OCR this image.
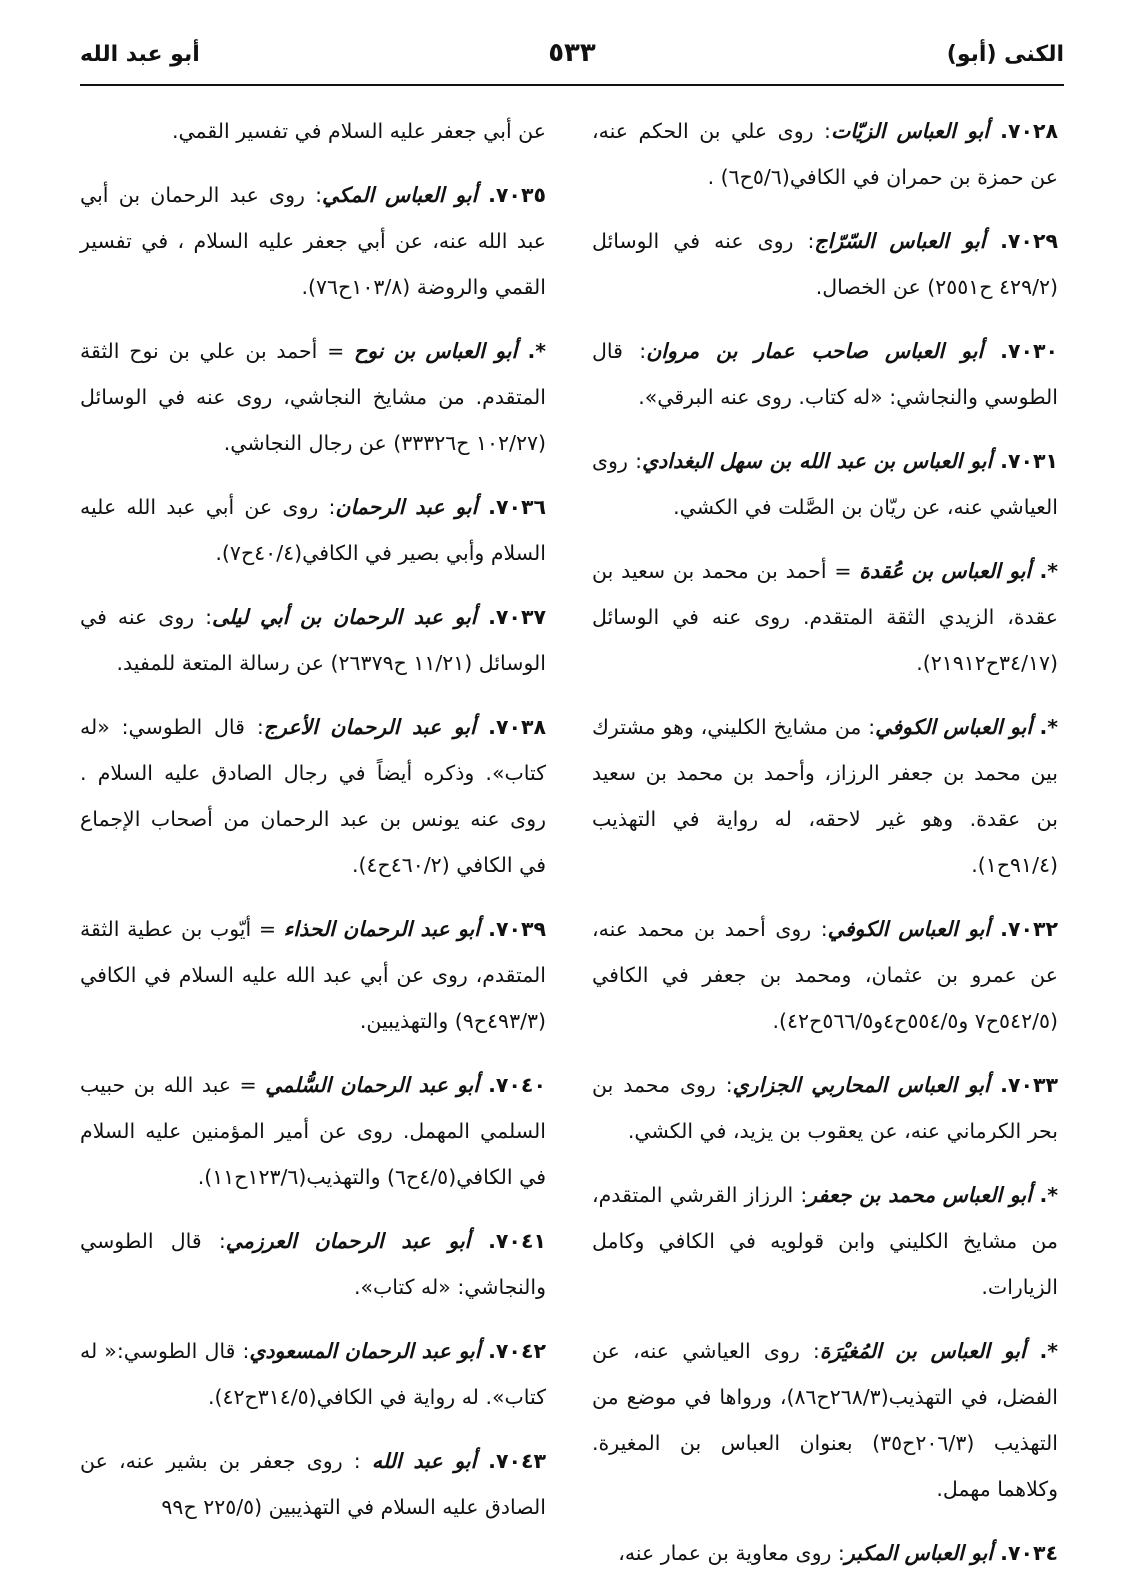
الكنى (أبو)
٥٣٣
أبو عبد الله

٧٠٢٨. أبو العباس الزيّات: روى علي بن الحكم عنه، عن حمزة بن حمران في الكافي(٥/٦ح٦) .

٧٠٢٩. أبو العباس السّرّاج: روى عنه في الوسائل (٤٢٩/٢ ح٢٥٥١) عن الخصال.

٧٠٣٠. أبو العباس صاحب عمار بن مروان: قال الطوسي والنجاشي: «له كتاب. روى عنه البرقي».

٧٠٣١. أبو العباس بن عبد الله بن سهل البغدادي: روى العياشي عنه، عن ريّان بن الصَّلت في الكشي.

*. أبو العباس بن عُقدة = أحمد بن محمد بن سعيد بن عقدة، الزيدي الثقة المتقدم. روى عنه في الوسائل (٣٤/١٧ح٢١٩١٢).

*. أبو العباس الكوفي: من مشايخ الكليني، وهو مشترك بين محمد بن جعفر الرزاز، وأحمد بن محمد بن سعيد بن عقدة. وهو غير لاحقه، له رواية في التهذيب (٩١/٤ح١).

٧٠٣٢. أبو العباس الكوفي: روى أحمد بن محمد عنه، عن عمرو بن عثمان، ومحمد بن جعفر في الكافي (٥٤٢/٥ح٧ و٥٥٤/٥ح٤و٥٦٦/٥ح٤٢).

٧٠٣٣. أبو العباس المحاربي الجزاري: روى محمد بن بحر الكرماني عنه، عن يعقوب بن يزيد، في الكشي.

*. أبو العباس محمد بن جعفر: الرزاز القرشي المتقدم، من مشايخ الكليني وابن قولويه في الكافي وكامل الزيارات.

*. أبو العباس بن المُغيْرَة: روى العياشي عنه، عن الفضل، في التهذيب(٢٦٨/٣ح٨٦)، ورواها في موضع من التهذيب (٢٠٦/٣ح٣٥) بعنوان العباس بن المغيرة. وكلاهما مهمل.

٧٠٣٤. أبو العباس المكبر: روى معاوية بن عمار عنه،

عن أبي جعفر عليه السلام في تفسير القمي.

٧٠٣٥. أبو العباس المكي: روى عبد الرحمان بن أبي عبد الله عنه، عن أبي جعفر عليه السلام ، في تفسير القمي والروضة (١٠٣/٨ح٧٦).

*. أبو العباس بن نوح = أحمد بن علي بن نوح الثقة المتقدم. من مشايخ النجاشي، روى عنه في الوسائل (١٠٢/٢٧ ح٣٣٣٢٦) عن رجال النجاشي.

٧٠٣٦. أبو عبد الرحمان: روى عن أبي عبد الله عليه السلام وأبي بصير في الكافي(٤٠/٤ح٧).

٧٠٣٧. أبو عبد الرحمان بن أبي ليلى: روى عنه في الوسائل (١١/٢١ ح٢٦٣٧٩) عن رسالة المتعة للمفيد.

٧٠٣٨. أبو عبد الرحمان الأعرج: قال الطوسي: «له كتاب». وذكره أيضاً في رجال الصادق عليه السلام . روى عنه يونس بن عبد الرحمان من أصحاب الإجماع في الكافي (٤٦٠/٢ح٤).

٧٠٣٩. أبو عبد الرحمان الحذاء = أيّوب بن عطية الثقة المتقدم، روى عن أبي عبد الله عليه السلام في الكافي (٤٩٣/٣ح٩) والتهذيبين.

٧٠٤٠. أبو عبد الرحمان السُّلمي = عبد الله بن حبيب السلمي المهمل. روى عن أمير المؤمنين عليه السلام في الكافي(٤/٥ح٦) والتهذيب(١٢٣/٦ح١١).

٧٠٤١. أبو عبد الرحمان العرزمي: قال الطوسي والنجاشي: «له كتاب».

٧٠٤٢. أبو عبد الرحمان المسعودي: قال الطوسي:« له كتاب». له رواية في الكافي(٣١٤/٥ح٤٢).

٧٠٤٣. أبو عبد الله : روى جعفر بن بشير عنه، عن الصادق عليه السلام في التهذيبين (٢٢٥/٥ ح٩٩
